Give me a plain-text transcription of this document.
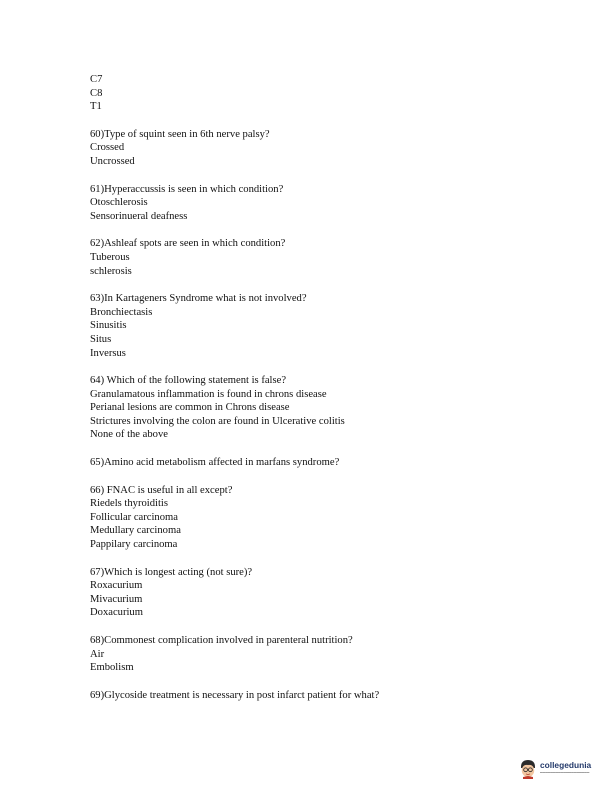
C7
C8
T1
60)Type of squint seen in 6th nerve palsy?
Crossed
Uncrossed
61)Hyperaccussis is seen in which condition?
Otoschlerosis
Sensorinueral deafness
62)Ashleaf spots are seen in which condition?
Tuberous
schlerosis
63)In Kartageners Syndrome what is not involved?
Bronchiectasis
Sinusitis
Situs
Inversus
64) Which of the following statement is false?
Granulamatous inflammation is found in chrons disease
Perianal lesions are common in Chrons disease
Strictures involving the colon are found in Ulcerative colitis
None of the above
65)Amino acid metabolism affected in marfans syndrome?
66) FNAC is useful in all except?
Riedels thyroiditis
Follicular carcinoma
Medullary carcinoma
Pappilary carcinoma
67)Which is longest acting (not sure)?
Roxacurium
Mivacurium
Doxacurium
68)Commonest complication involved in parenteral nutrition?
Air
Embolism
69)Glycoside treatment is necessary in post infarct patient for what?
collegedunia
▬▬▬▬▬▬▬▬▬▬▬▬▬▬▬▬▬▬▬
